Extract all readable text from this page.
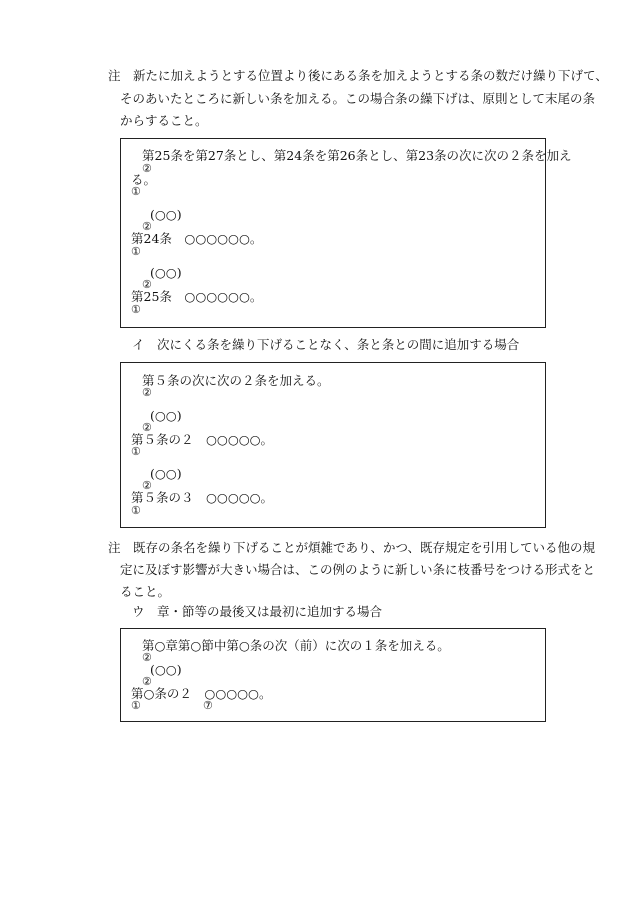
注　新たに加えようとする位置より後にある条を加えようとする条の数だけ繰り下げて、
そのあいたところに新しい条を加える。この場合条の繰下げは、原則として末尾の条
からすること。
第25条を第27条とし、第24条を第26条とし、第23条の次に次の２条を加え
②
る。
①
(○○)
②
第24条　○○○○○○。
①
(○○)
②
第25条　○○○○○○。
①
イ　次にくる条を繰り下げることなく、条と条との間に追加する場合
第５条の次に次の２条を加える。
②
(○○)
②
第５条の２　○○○○○。
①
(○○)
②
第５条の３　○○○○○。
①
注　既存の条名を繰り下げることが煩雑であり、かつ、既存規定を引用している他の規
定に及ぼす影響が大きい場合は、この例のように新しい条に枝番号をつける形式をと
ること。
ウ　章・節等の最後又は最初に追加する場合
第○章第○節中第○条の次（前）に次の１条を加える。
②
(○○)
②
第○条の２　○○○○○。
①	⑦
